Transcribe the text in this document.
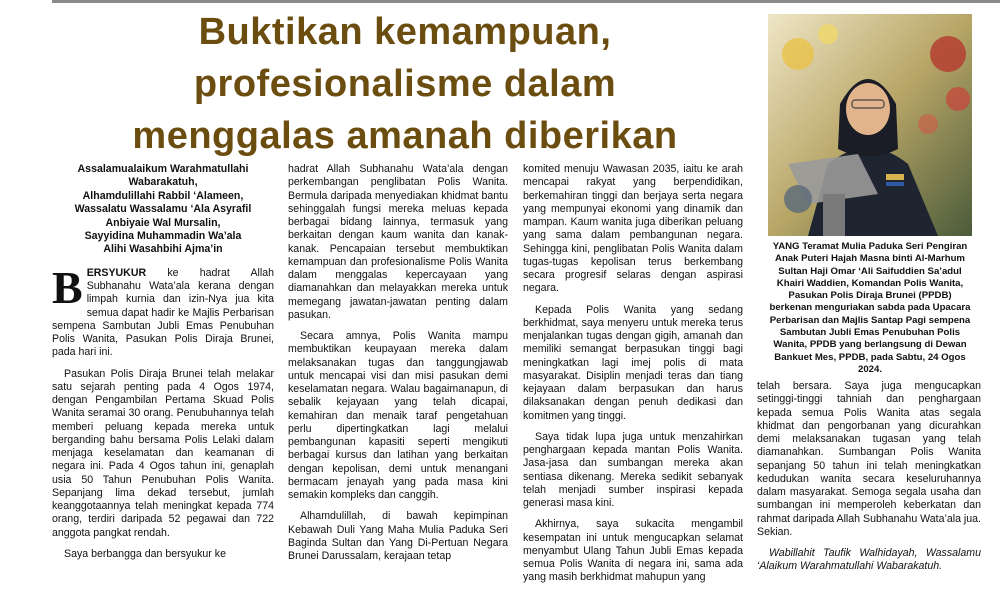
Buktikan kemampuan,
profesionalisme dalam
menggalas amanah diberikan
Assalamualaikum Warahmatullahi
Wabarakatuh,
Alhamdulillahi Rabbil ‘Alameen,
Wassalatu Wassalamu ‘Ala Asyrafil
Anbiyaie Wal Mursalin,
Sayyidina Muhammadin Wa’ala
Alihi Wasahbihi Ajma’in

BERSYUKUR ke hadrat Allah Subhanahu Wata’ala kerana dengan limpah kurnia dan izin-Nya jua kita semua dapat hadir ke Majlis Perbarisan sempena Sambutan Jubli Emas Penubuhan Polis Wanita, Pasukan Polis Diraja Brunei, pada hari ini.

Pasukan Polis Diraja Brunei telah melakar satu sejarah penting pada 4 Ogos 1974, dengan Pengambilan Pertama Skuad Polis Wanita seramai 30 orang. Penubuhannya telah memberi peluang kepada mereka untuk berganding bahu bersama Polis Lelaki dalam menjaga keselamatan dan keamanan di negara ini. Pada 4 Ogos tahun ini, genaplah usia 50 Tahun Penubuhan Polis Wanita. Sepanjang lima dekad tersebut, jumlah keanggotaannya telah meningkat kepada 774 orang, terdiri daripada 52 pegawai dan 722 anggota pangkat rendah.

Saya berbangga dan bersyukur ke

hadrat Allah Subhanahu Wata’ala dengan perkembangan penglibatan Polis Wanita. Bermula daripada menyediakan khidmat bantu sehinggalah fungsi mereka meluas kepada berbagai bidang lainnya, termasuk yang berkaitan dengan kaum wanita dan kanak-kanak. Pencapaian tersebut membuktikan kemampuan dan profesionalisme Polis Wanita dalam menggalas kepercayaan yang diamanahkan dan melayakkan mereka untuk memegang jawatan-jawatan penting dalam pasukan.

Secara amnya, Polis Wanita mampu membuktikan keupayaan mereka dalam melaksanakan tugas dan tanggungjawab untuk mencapai visi dan misi pasukan demi keselamatan negara. Walau bagaimanapun, di sebalik kejayaan yang telah dicapai, kemahiran dan menaik taraf pengetahuan perlu dipertingkatkan lagi melalui pembangunan kapasiti seperti mengikuti berbagai kursus dan latihan yang berkaitan dengan kepolisan, demi untuk menangani bermacam jenayah yang pada masa kini semakin kompleks dan canggih.

Alhamdulillah, di bawah kepimpinan Kebawah Duli Yang Maha Mulia Paduka Seri Baginda Sultan dan Yang Di-Pertuan Negara Brunei Darussalam, kerajaan tetap

komited menuju Wawasan 2035, iaitu ke arah mencapai rakyat yang berpendidikan, berkemahiran tinggi dan berjaya serta negara yang mempunyai ekonomi yang dinamik dan mampan. Kaum wanita juga diberikan peluang yang sama dalam pembangunan negara. Sehingga kini, penglibatan Polis Wanita dalam tugas-tugas kepolisan terus berkembang secara progresif selaras dengan aspirasi negara.

Kepada Polis Wanita yang sedang berkhidmat, saya menyeru untuk mereka terus menjalankan tugas dengan gigih, amanah dan memiliki semangat berpasukan tinggi bagi meningkatkan lagi imej polis di mata masyarakat. Disiplin menjadi teras dan tiang kejayaan dalam berpasukan dan harus dilaksanakan dengan penuh dedikasi dan komitmen yang tinggi.

Saya tidak lupa juga untuk menzahirkan penghargaan kepada mantan Polis Wanita. Jasa-jasa dan sumbangan mereka akan sentiasa dikenang. Mereka sedikit sebanyak telah menjadi sumber inspirasi kepada generasi masa kini.

Akhirnya, saya sukacita mengambil kesempatan ini untuk mengucapkan selamat menyambut Ulang Tahun Jubli Emas kepada semua Polis Wanita di negara ini, sama ada yang masih berkhidmat mahupun yang

YANG Teramat Mulia Paduka Seri Pengiran Anak Puteri Hajah Masna binti Al-Marhum Sultan Haji Omar ‘Ali Saifuddien Sa’adul Khairi Waddien, Komandan Polis Wanita, Pasukan Polis Diraja Brunei (PPDB) berkenan menguriakan sabda pada Upacara Perbarisan dan Majlis Santap Pagi sempena Sambutan Jubli Emas Penubuhan Polis Wanita, PPDB yang berlangsung di Dewan Bankuet Mes, PPDB, pada Sabtu, 24 Ogos 2024.

telah bersara. Saya juga mengucapkan setinggi-tinggi tahniah dan penghargaan kepada semua Polis Wanita atas segala khidmat dan pengorbanan yang dicurahkan demi melaksanakan tugasan yang telah diamanahkan. Sumbangan Polis Wanita sepanjang 50 tahun ini telah meningkatkan kedudukan wanita secara keseluruhannya dalam masyarakat. Semoga segala usaha dan sumbangan ini memperoleh keberkatan dan rahmat daripada Allah Subhanahu Wata’ala jua. Sekian.

Wabillahit Taufik Walhidayah, Wassalamu ‘Alaikum Warahmatullahi Wabarakatuh.
